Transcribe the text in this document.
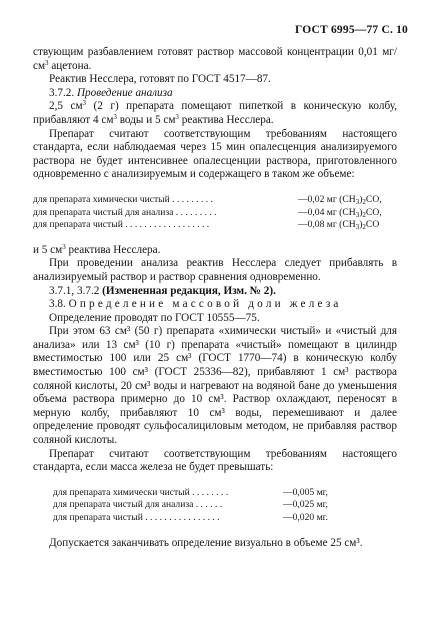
ГОСТ 6995—77 С. 10

ствующим разбавлением готовят раствор массовой концентрации 0,01 $мг/см^3$ ацетона.

Реактив Несслера, готовят по ГОСТ 4517—87.

3.7.2. Проведение анализа

2,5 $см^3$ (2 г) препарата помещают пипеткой в коническую колбу, прибавляют 4 $см^3$ воды и 5 $см^3$ реактива Несслера.

Препарат считают соответствующим требованиям настоящего стандарта, если наблюдаемая через 15 мин опалесценция анализируемого раствора не будет интенсивнее опалесценции раствора, приготовленного одновременно с анализируемым и содержащего в таком же объеме:

для препарата химически чистый . . . . . . . . .	—0,02 мг $(CH_3)_2CO$,
для препарата чистый для анализа . . . . . . . . .	—0,04 мг $(CH_3)_2CO$,
для препарата чистый . . . . . . . . . . . . . . . . . .	—0,08 мг $(CH_3)_2CO$

и 5 $см^3$ реактива Несслера.

При проведении анализа реактив Несслера следует прибавлять в анализируемый раствор и раствор сравнения одновременно.

3.7.1, 3.7.2 (Измененная редакция, Изм. № 2).

3.8. Определение массовой доли железа

Определение проводят по ГОСТ 10555—75.

При этом 63 см³ (50 г) препарата «химически чистый» и «чистый для анализа» или 13 см³ (10 г) препарата «чистый» помещают в цилиндр вместимостью 100 или 25 см³ (ГОСТ 1770—74) в коническую колбу вместимостью 100 см³ (ГОСТ 25336—82), прибавляют 1 см³ раствора соляной кислоты, 20 см³ воды и нагревают на водяной бане до уменьшения объема раствора примерно до 10 см³. Раствор охлаждают, переносят в мерную колбу, прибавляют 10 см³ воды, перемешивают и далее определение проводят сульфосалициловым методом, не прибавляя раствор соляной кислоты.

Препарат считают соответствующим требованиям настоящего стандарта, если масса железа не будет превышать:

для препарата химически чистый . . . . . . . .	—0,005 мг,
для препарата чистый для анализа . . . . . .	—0,025 мг,
для препарата чистый . . . . . . . . . . . . . . . .	—0,020 мг.

Допускается заканчивать определение визуально в объеме 25 см³.
